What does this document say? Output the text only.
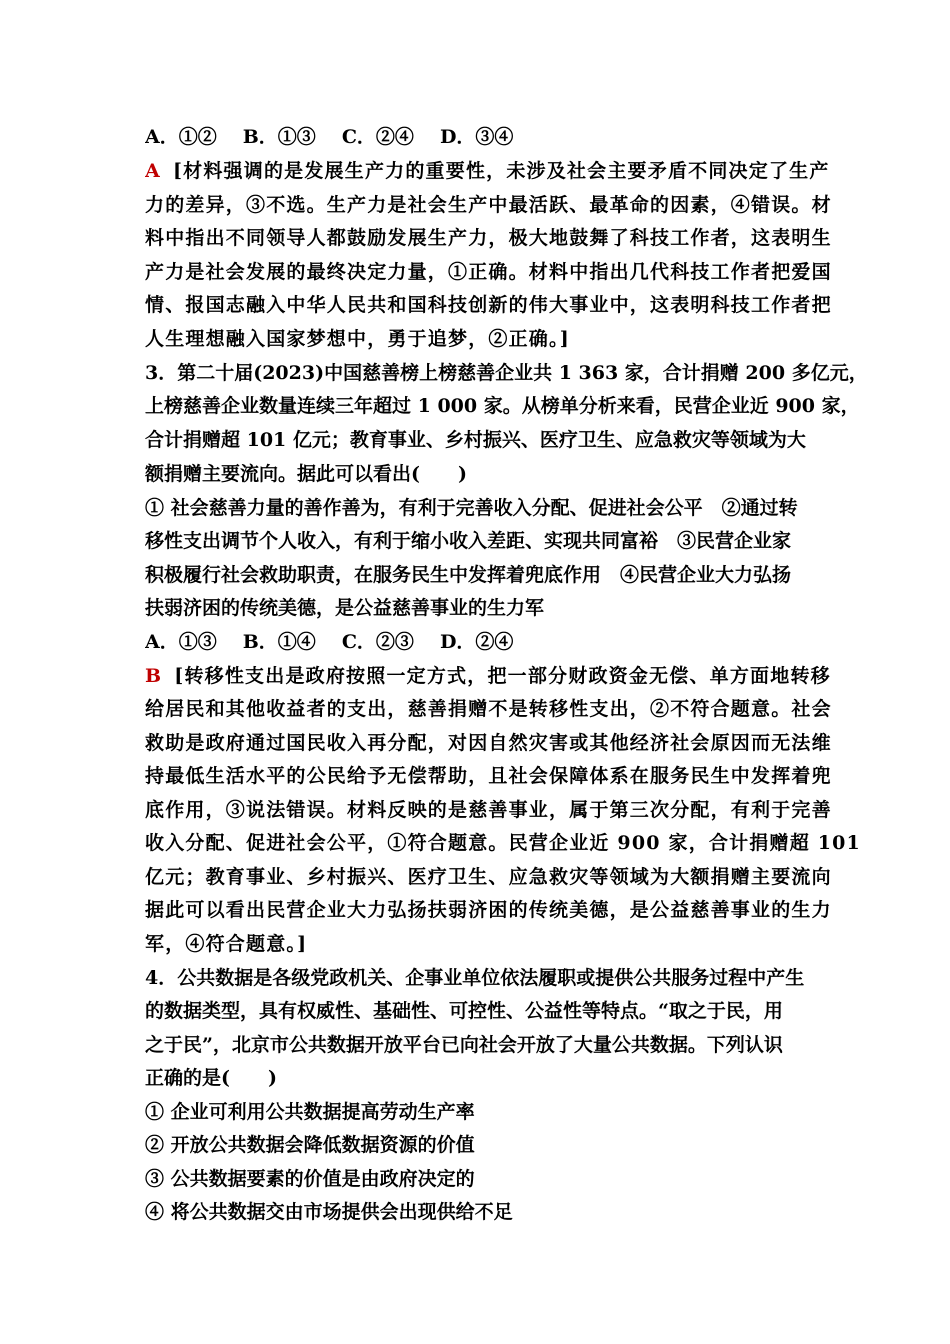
A．①② B．①③ C．②④ D．③④
A [材料强调的是发展生产力的重要性，未涉及社会主要矛盾不同决定了生产
力的差异，③不选。生产力是社会生产中最活跃、最革命的因素，④错误。材
料中指出不同领导人都鼓励发展生产力，极大地鼓舞了科技工作者，这表明生
产力是社会发展的最终决定力量，①正确。材料中指出几代科技工作者把爱国
情、报国志融入中华人民共和国科技创新的伟大事业中，这表明科技工作者把
人生理想融入国家梦想中，勇于追梦，②正确。]
3．第二十届(2023)中国慈善榜上榜慈善企业共 1 363 家，合计捐赠 200 多亿元，
上榜慈善企业数量连续三年超过 1 000 家。从榜单分析来看，民营企业近 900 家，
合计捐赠超 101 亿元；教育事业、乡村振兴、医疗卫生、应急救灾等领域为大
额捐赠主要流向。据此可以看出(　　)
① 社会慈善力量的善作善为，有利于完善收入分配、促进社会公平　②通过转
移性支出调节个人收入，有利于缩小收入差距、实现共同富裕　③民营企业家
积极履行社会救助职责，在服务民生中发挥着兜底作用　④民营企业大力弘扬
扶弱济困的传统美德，是公益慈善事业的生力军
A．①③ B．①④ C．②③ D．②④
B [转移性支出是政府按照一定方式，把一部分财政资金无偿、单方面地转移
给居民和其他收益者的支出，慈善捐赠不是转移性支出，②不符合题意。社会
救助是政府通过国民收入再分配，对因自然灾害或其他经济社会原因而无法维
持最低生活水平的公民给予无偿帮助，且社会保障体系在服务民生中发挥着兜
底作用，③说法错误。材料反映的是慈善事业，属于第三次分配，有利于完善
收入分配、促进社会公平，①符合题意。民营企业近 900 家，合计捐赠超 101
亿元；教育事业、乡村振兴、医疗卫生、应急救灾等领域为大额捐赠主要流向
据此可以看出民营企业大力弘扬扶弱济困的传统美德，是公益慈善事业的生力
军，④符合题意。]
4．公共数据是各级党政机关、企事业单位依法履职或提供公共服务过程中产生
的数据类型，具有权威性、基础性、可控性、公益性等特点。“取之于民，用
之于民”，北京市公共数据开放平台已向社会开放了大量公共数据。下列认识
正确的是(　　)
① 企业可利用公共数据提高劳动生产率
② 开放公共数据会降低数据资源的价值
③ 公共数据要素的价值是由政府决定的
④ 将公共数据交由市场提供会出现供给不足
